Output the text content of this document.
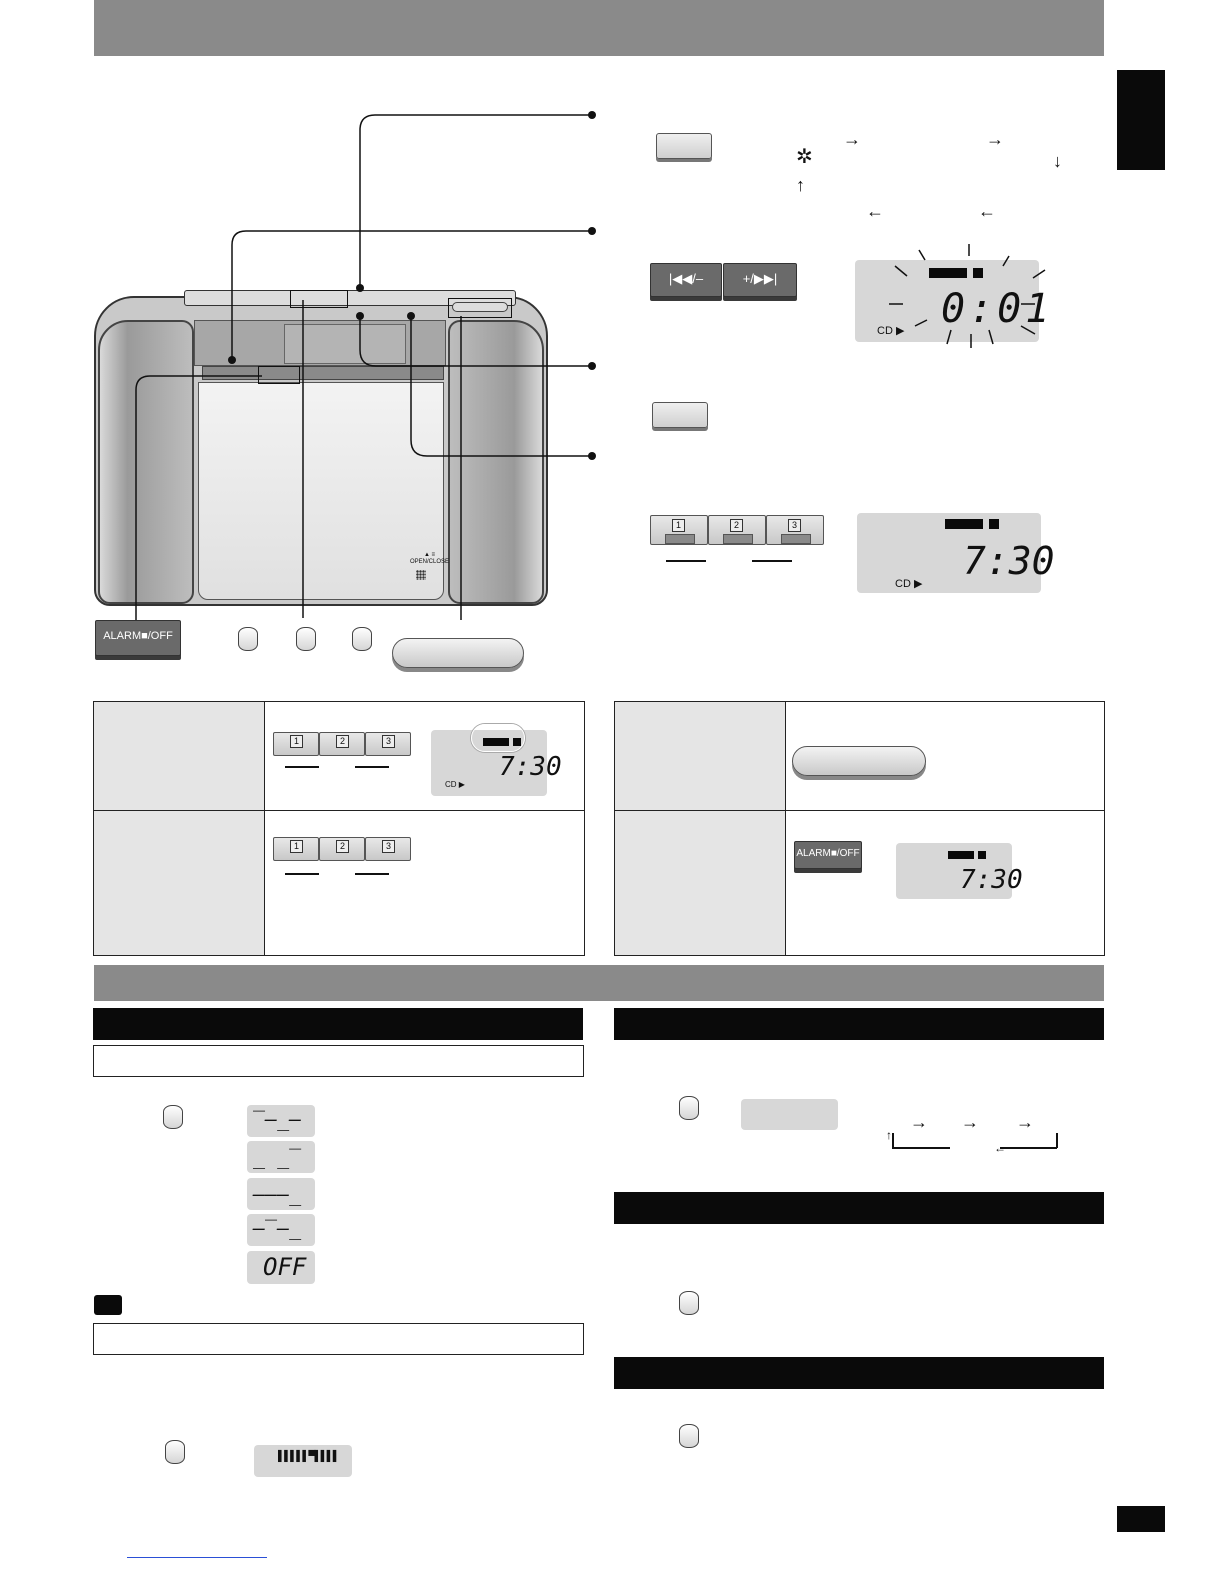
▲ ≡
OPEN/CLOSE
ALARM■/OFF
✲
→	→
↓
←	←
↑
|◀◀/–	+/▶▶|
0:01
CD ▶
1	2	3
7:30
CD ▶
1	2	3
7:30
CD ▶
1	2	3
ALARM■/OFF
7:30
‾–_–
_ _‾
–––_
–‾–_
OFF
▌▌▌▌▌▀▌▌▌▌
→ → →
↑
←
